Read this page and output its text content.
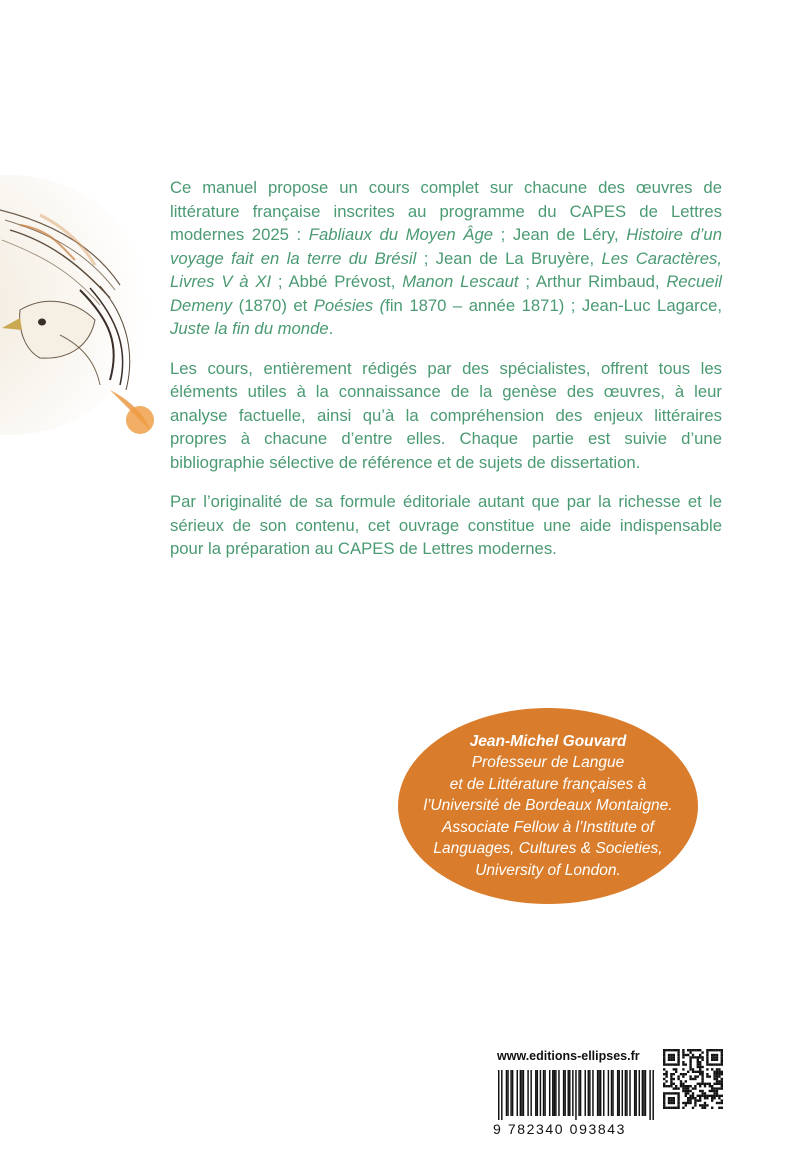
Ce manuel propose un cours complet sur chacune des œuvres de littérature française inscrites au programme du CAPES de Lettres modernes 2025 : Fabliaux du Moyen Âge ; Jean de Léry, Histoire d’un voyage fait en la terre du Brésil ; Jean de La Bruyère, Les Caractères, Livres V à XI ; Abbé Prévost, Manon Lescaut ; Arthur Rimbaud, Recueil Demeny (1870) et Poésies (fin 1870 – année 1871) ; Jean-Luc Lagarce, Juste la fin du monde.

Les cours, entièrement rédigés par des spécialistes, offrent tous les éléments utiles à la connaissance de la genèse des œuvres, à leur analyse factuelle, ainsi qu’à la compréhension des enjeux littéraires propres à chacune d’entre elles. Chaque partie est suivie d’une bibliographie sélective de référence et de sujets de dissertation.

Par l’originalité de sa formule éditoriale autant que par la richesse et le sérieux de son contenu, cet ouvrage constitue une aide indispensable pour la préparation au CAPES de Lettres modernes.

Jean-Michel Gouvard
Professeur de Langue
et de Littérature françaises à
l’Université de Bordeaux Montaigne.
Associate Fellow à l’Institute of
Languages, Cultures & Societies,
University of London.
www.editions-ellipses.fr
9 782340 093843
